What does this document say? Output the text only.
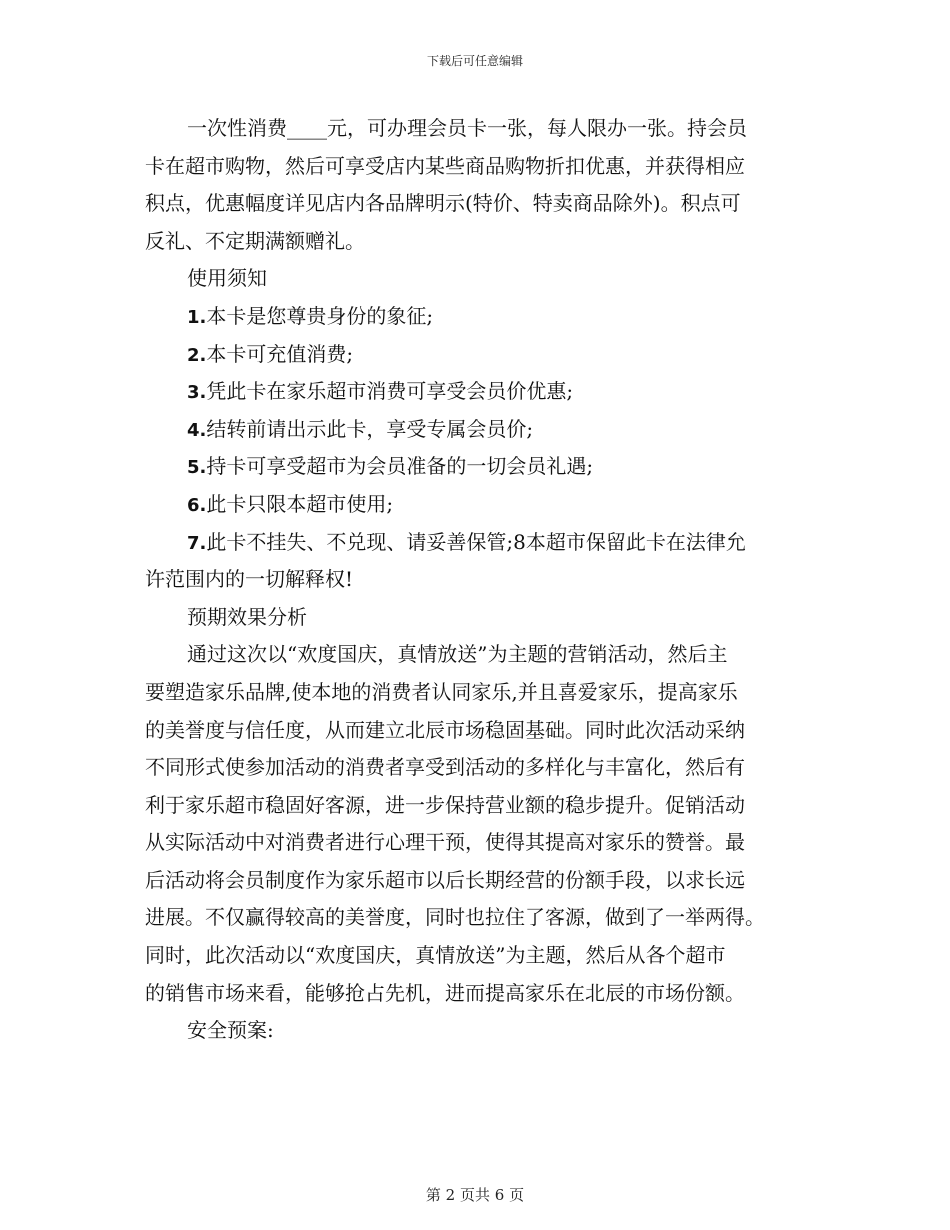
下载后可任意编辑
一次性消费____元，可办理会员卡一张，每人限办一张。持会员
卡在超市购物，然后可享受店内某些商品购物折扣优惠，并获得相应
积点，优惠幅度详见店内各品牌明示(特价、特卖商品除外)。积点可
反礼、不定期满额赠礼。
使用须知
1.本卡是您尊贵身份的象征;
2.本卡可充值消费;
3.凭此卡在家乐超市消费可享受会员价优惠;
4.结转前请出示此卡，享受专属会员价;
5.持卡可享受超市为会员准备的一切会员礼遇;
6.此卡只限本超市使用;
7.此卡不挂失、不兑现、请妥善保管;8本超市保留此卡在法律允
许范围内的一切解释权!
预期效果分析
通过这次以“欢度国庆，真情放送”为主题的营销活动，然后主
要塑造家乐品牌,使本地的消费者认同家乐,并且喜爱家乐，提高家乐
的美誉度与信任度，从而建立北辰市场稳固基础。同时此次活动采纳
不同形式使参加活动的消费者享受到活动的多样化与丰富化，然后有
利于家乐超市稳固好客源，进一步保持营业额的稳步提升。促销活动
从实际活动中对消费者进行心理干预，使得其提高对家乐的赞誉。最
后活动将会员制度作为家乐超市以后长期经营的份额手段，以求长远
进展。不仅赢得较高的美誉度，同时也拉住了客源，做到了一举两得。
同时，此次活动以“欢度国庆，真情放送”为主题，然后从各个超市
的销售市场来看，能够抢占先机，进而提高家乐在北辰的市场份额。
安全预案:
第 2 页共 6 页
